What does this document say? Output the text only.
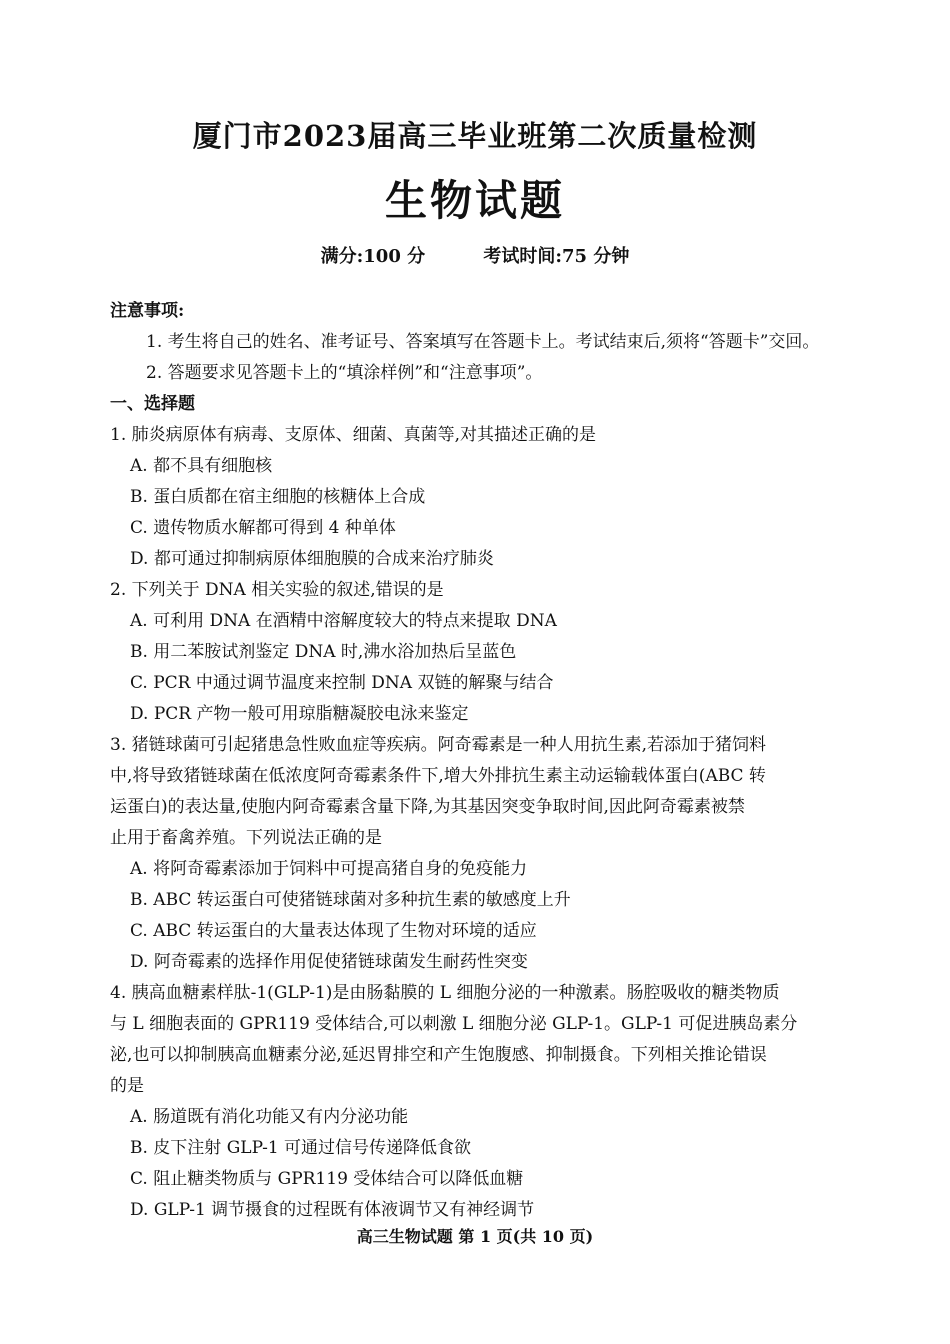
厦门市2023届高三毕业班第二次质量检测
生物试题
满分:100 分	考试时间:75 分钟
注意事项:
1. 考生将自己的姓名、准考证号、答案填写在答题卡上。考试结束后,须将“答题卡”交回。
2. 答题要求见答题卡上的“填涂样例”和“注意事项”。
一、选择题
1. 肺炎病原体有病毒、支原体、细菌、真菌等,对其描述正确的是
A. 都不具有细胞核
B. 蛋白质都在宿主细胞的核糖体上合成
C. 遗传物质水解都可得到 4 种单体
D. 都可通过抑制病原体细胞膜的合成来治疗肺炎
2. 下列关于 DNA 相关实验的叙述,错误的是
A. 可利用 DNA 在酒精中溶解度较大的特点来提取 DNA
B. 用二苯胺试剂鉴定 DNA 时,沸水浴加热后呈蓝色
C. PCR 中通过调节温度来控制 DNA 双链的解聚与结合
D. PCR 产物一般可用琼脂糖凝胶电泳来鉴定
3. 猪链球菌可引起猪患急性败血症等疾病。阿奇霉素是一种人用抗生素,若添加于猪饲料
中,将导致猪链球菌在低浓度阿奇霉素条件下,增大外排抗生素主动运输载体蛋白(ABC 转
运蛋白)的表达量,使胞内阿奇霉素含量下降,为其基因突变争取时间,因此阿奇霉素被禁
止用于畜禽养殖。下列说法正确的是
A. 将阿奇霉素添加于饲料中可提高猪自身的免疫能力
B. ABC 转运蛋白可使猪链球菌对多种抗生素的敏感度上升
C. ABC 转运蛋白的大量表达体现了生物对环境的适应
D. 阿奇霉素的选择作用促使猪链球菌发生耐药性突变
4. 胰高血糖素样肽-1(GLP-1)是由肠黏膜的 L 细胞分泌的一种激素。肠腔吸收的糖类物质
与 L 细胞表面的 GPR119 受体结合,可以刺激 L 细胞分泌 GLP-1。GLP-1 可促进胰岛素分
泌,也可以抑制胰高血糖素分泌,延迟胃排空和产生饱腹感、抑制摄食。下列相关推论错误
的是
A. 肠道既有消化功能又有内分泌功能
B. 皮下注射 GLP-1 可通过信号传递降低食欲
C. 阻止糖类物质与 GPR119 受体结合可以降低血糖
D. GLP-1 调节摄食的过程既有体液调节又有神经调节
高三生物试题 第 1 页(共 10 页)
